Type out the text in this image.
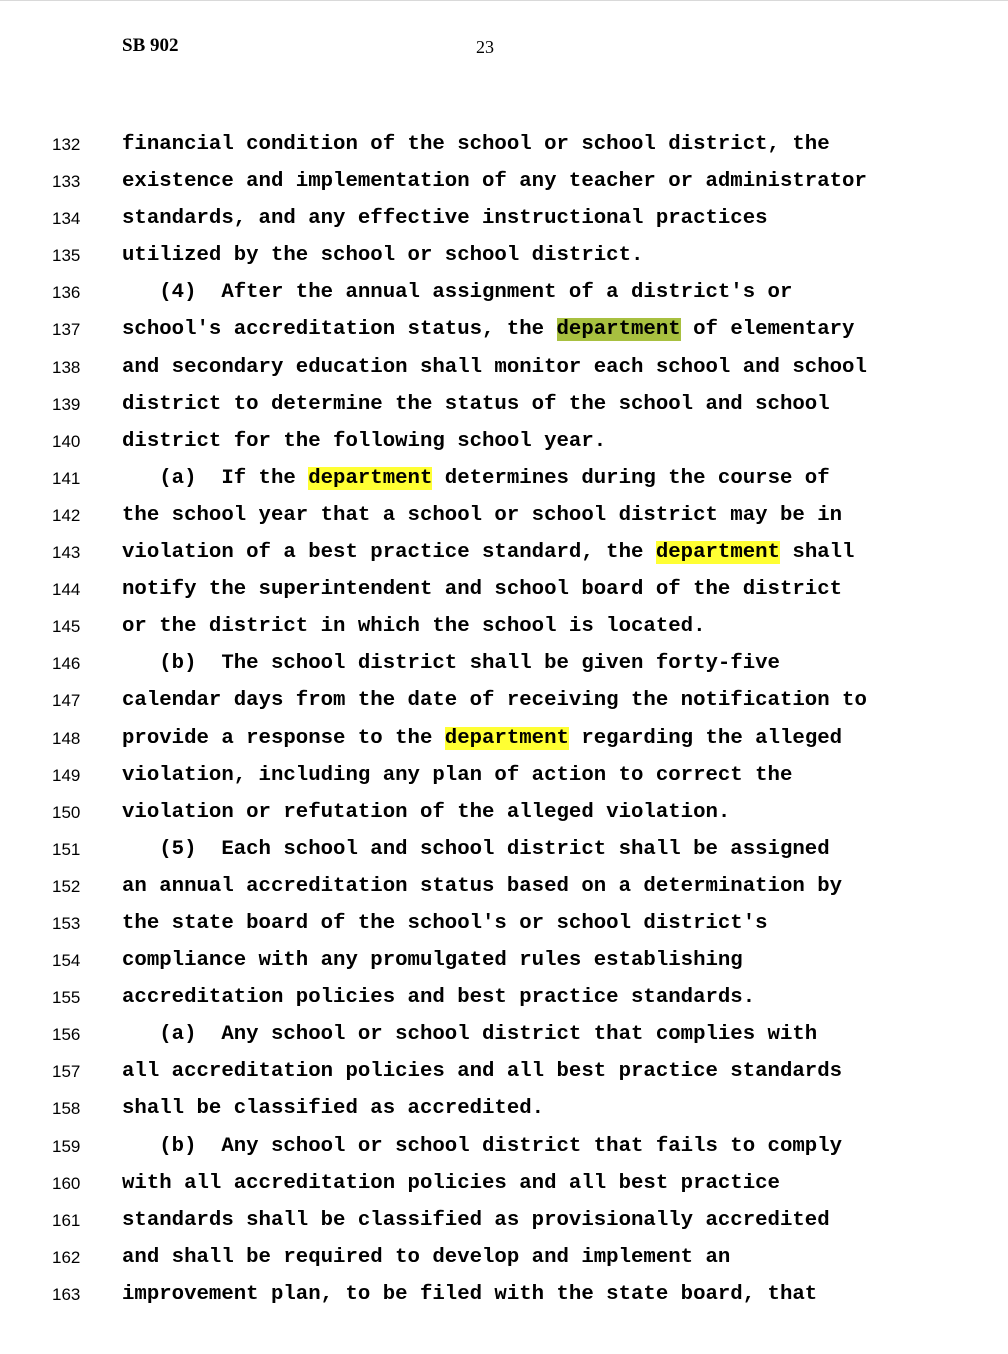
SB 902	23
132 financial condition of the school or school district, the
133 existence and implementation of any teacher or administrator
134 standards, and any effective instructional practices
135 utilized by the school or school district.
136 (4)  After the annual assignment of a district's or
137 school's accreditation status, the department of elementary
138 and secondary education shall monitor each school and school
139 district to determine the status of the school and school
140 district for the following school year.
141 (a)  If the department determines during the course of
142 the school year that a school or school district may be in
143 violation of a best practice standard, the department shall
144 notify the superintendent and school board of the district
145 or the district in which the school is located.
146 (b)  The school district shall be given forty-five
147 calendar days from the date of receiving the notification to
148 provide a response to the department regarding the alleged
149 violation, including any plan of action to correct the
150 violation or refutation of the alleged violation.
151 (5)  Each school and school district shall be assigned
152 an annual accreditation status based on a determination by
153 the state board of the school's or school district's
154 compliance with any promulgated rules establishing
155 accreditation policies and best practice standards.
156 (a)  Any school or school district that complies with
157 all accreditation policies and all best practice standards
158 shall be classified as accredited.
159 (b)  Any school or school district that fails to comply
160 with all accreditation policies and all best practice
161 standards shall be classified as provisionally accredited
162 and shall be required to develop and implement an
163 improvement plan, to be filed with the state board, that
